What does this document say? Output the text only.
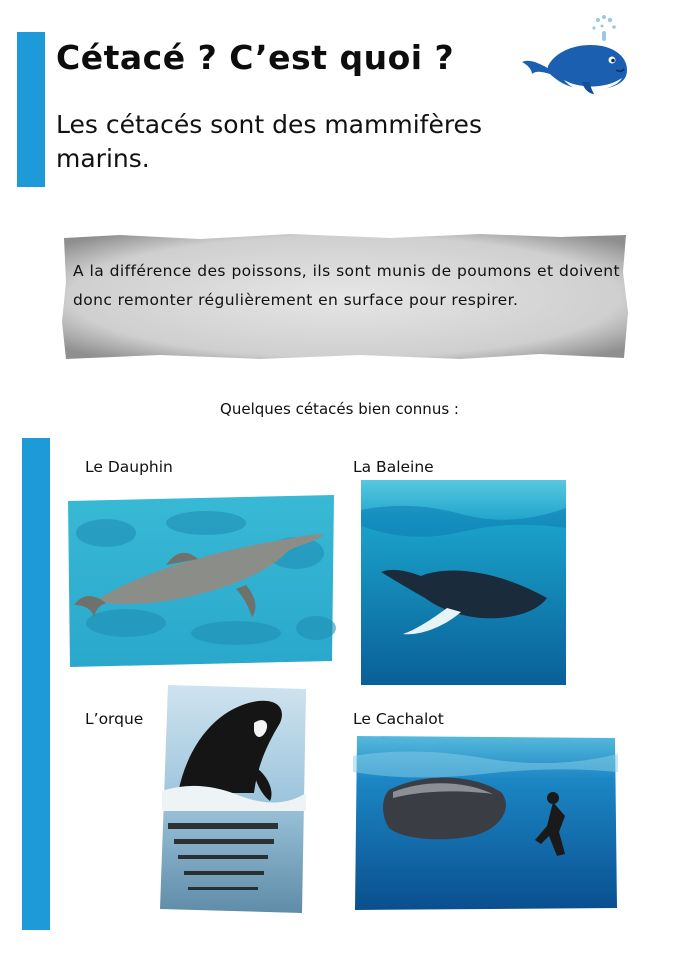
Cétacé ? C’est quoi ?

Les cétacés sont des mammifères marins.

A la différence des poissons, ils sont munis de poumons et doivent donc remonter régulièrement en surface pour respirer.

Quelques cétacés bien connus :
Le Dauphin	La Baleine
L’orque	Le Cachalot
